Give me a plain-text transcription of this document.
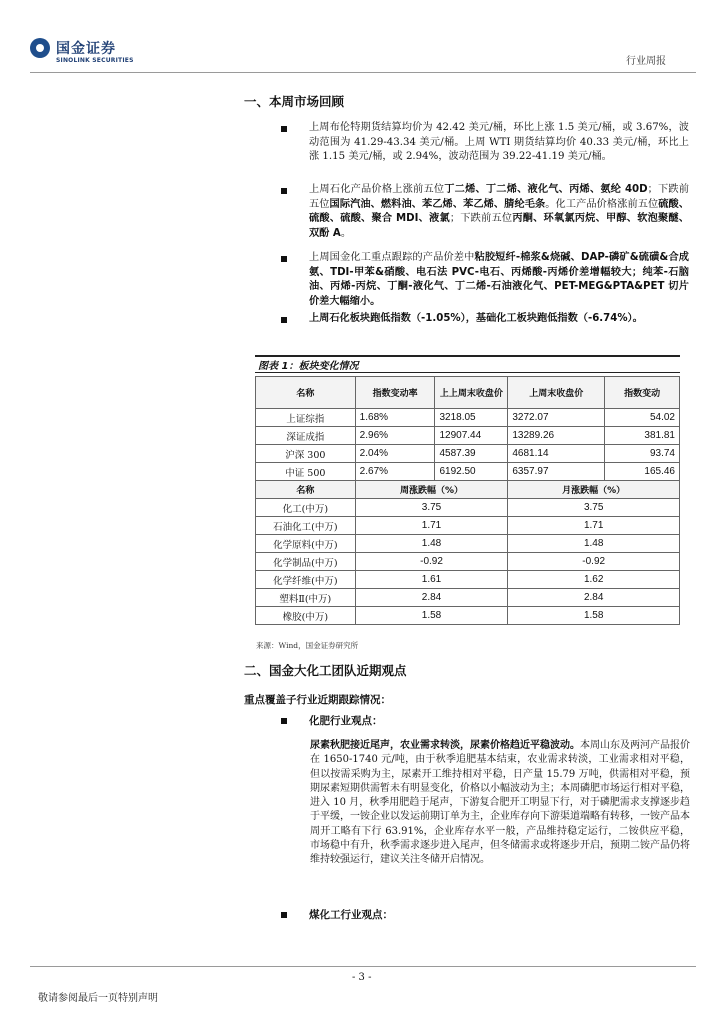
国金证券
SINOLINK SECURITIES	行业周报
一、本周市场回顾
上周布伦特期货结算均价为 42.42 美元/桶，环比上涨 1.5 美元/桶，或 3.67%，波动范围为 41.29-43.34 美元/桶。上周 WTI 期货结算均价 40.33 美元/桶，环比上涨 1.15 美元/桶，或 2.94%，波动范围为 39.22-41.19 美元/桶。
上周石化产品价格上涨前五位丁二烯、丁二烯、液化气、丙烯、氨纶 40D；下跌前五位国际汽油、燃料油、苯乙烯、苯乙烯、腈纶毛条。化工产品价格涨前五位硫酸、硫酸、硫酸、聚合 MDI、液氯；下跌前五位丙酮、环氧氯丙烷、甲醇、软泡聚醚、双酚 A。
上周国金化工重点跟踪的产品价差中粘胶短纤-棉浆&烧碱、DAP-磷矿&硫磺&合成氨、TDI-甲苯&硝酸、电石法 PVC-电石、丙烯酸-丙烯价差增幅较大；纯苯-石脑油、丙烯-丙烷、丁酮-液化气、丁二烯-石油液化气、PET-MEG&PTA&PET 切片价差大幅缩小。
上周石化板块跑低指数（-1.05%），基础化工板块跑低指数（-6.74%）。
图表 1：板块变化情况
名称	指数变动率	上上周末收盘价	上周末收盘价	指数变动
上证综指	1.68%	3218.05	3272.07	54.02
深证成指	2.96%	12907.44	13289.26	381.81
沪深 300	2.04%	4587.39	4681.14	93.74
中证 500	2.67%	6192.50	6357.97	165.46
名称	周涨跌幅（%）		月涨跌幅（%）	
化工(中万)	3.75		3.75	
石油化工(中万)	1.71		1.71	
化学原料(中万)	1.48		1.48	
化学制品(中万)	-0.92		-0.92	
化学纤维(中万)	1.61		1.62	
塑料Ⅱ(中万)	2.84		2.84	
橡胶(中万)	1.58		1.58	
来源：Wind，国金证券研究所
二、国金大化工团队近期观点
重点覆盖子行业近期跟踪情况：
化肥行业观点：
尿素秋肥接近尾声，农业需求转淡，尿素价格趋近平稳波动。本周山东及两河产品报价在 1650-1740 元/吨，由于秋季追肥基本结束，农业需求转淡，工业需求相对平稳，但以按需采购为主，尿素开工维持相对平稳，日产量 15.79 万吨，供需相对平稳，预期尿素短期供需暂未有明显变化，价格以小幅波动为主；本周磷肥市场运行相对平稳，进入 10 月，秋季用肥趋于尾声，下游复合肥开工明显下行，对于磷肥需求支撑逐步趋于平缓，一铵企业以发运前期订单为主，企业库存向下游渠道端略有转移，一铵产品本周开工略有下行 63.91%，企业库存水平一般，产品维持稳定运行，二铵供应平稳，市场稳中有升，秋季需求逐步进入尾声，但冬储需求或将逐步开启，预期二铵产品仍将维持较强运行，建议关注冬储开启情况。
煤化工行业观点：
- 3 -
敬请参阅最后一页特别声明
